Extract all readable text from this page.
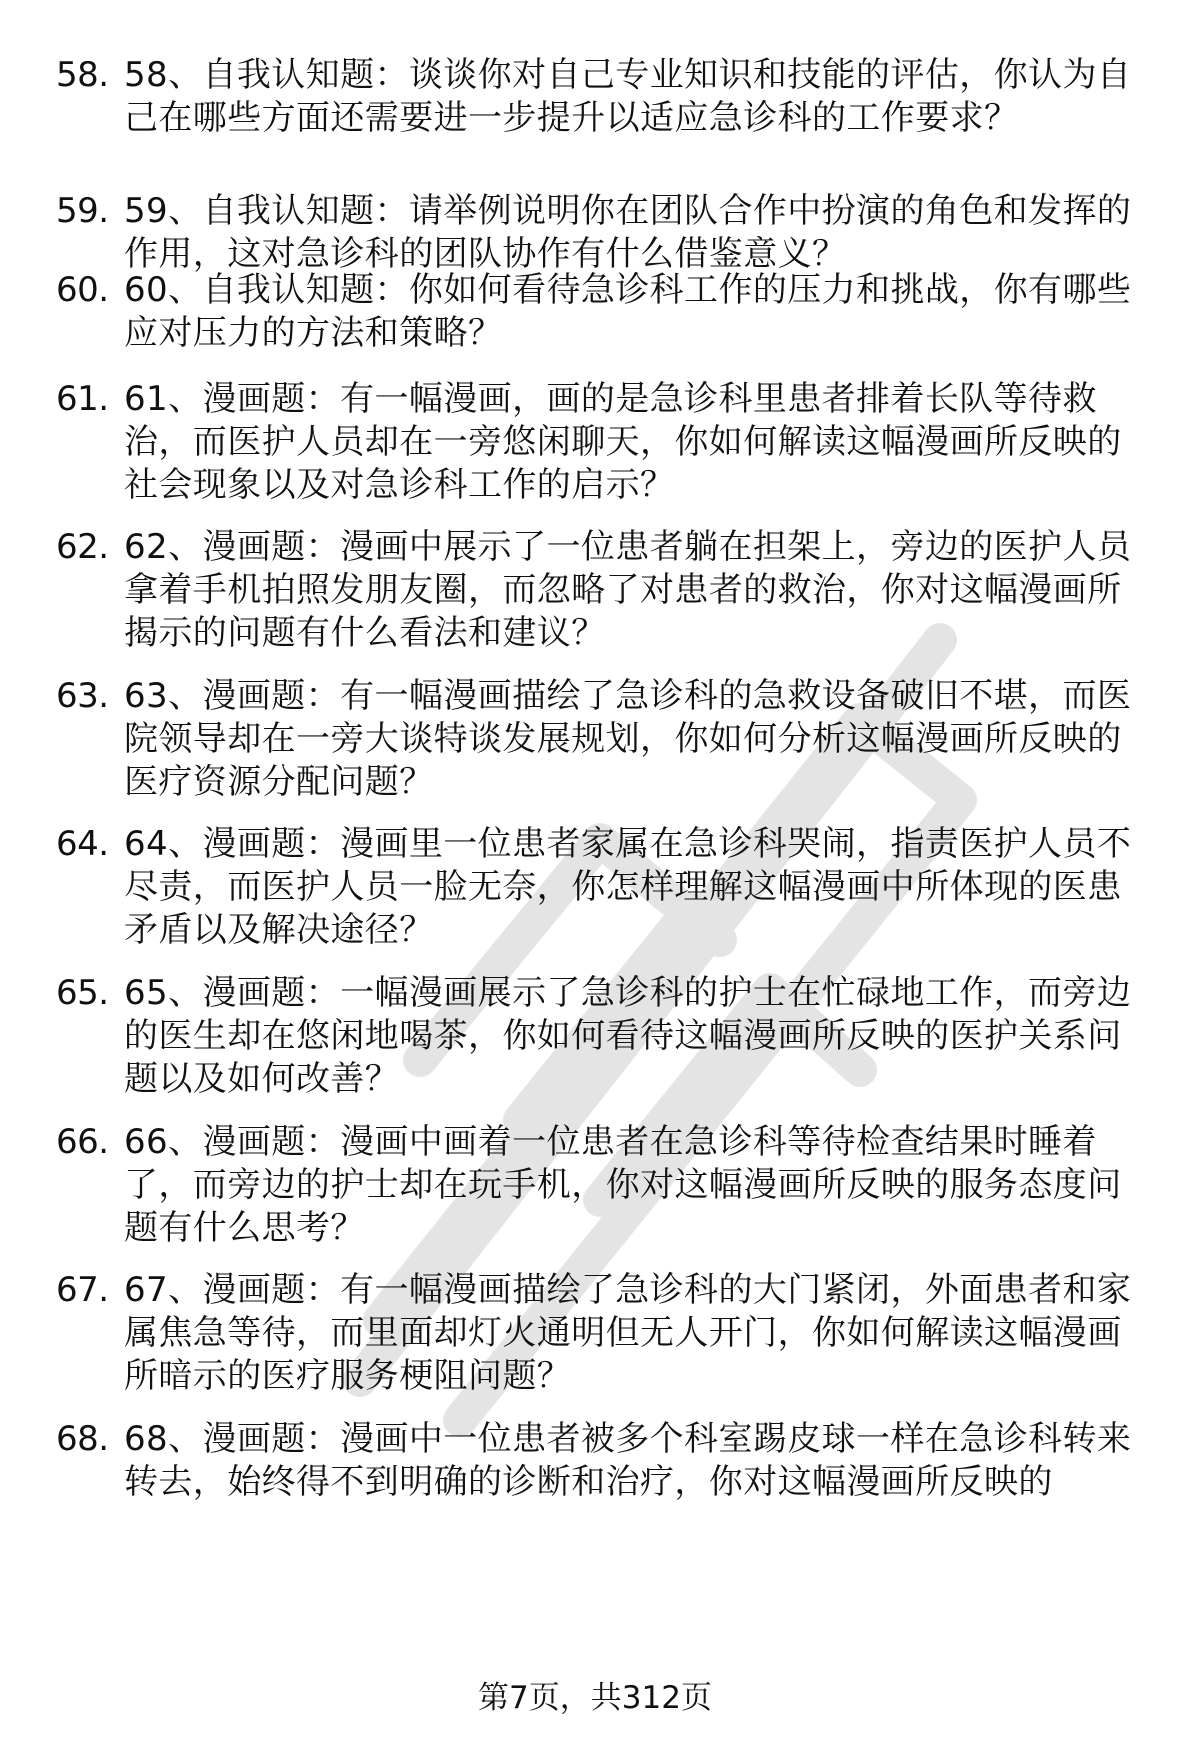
58. 58、自我认知题：谈谈你对自己专业知识和技能的评估，你认为自己在哪些方面还需要进一步提升以适应急诊科的工作要求？
59. 59、自我认知题：请举例说明你在团队合作中扮演的角色和发挥的作用，这对急诊科的团队协作有什么借鉴意义？
60. 60、自我认知题：你如何看待急诊科工作的压力和挑战，你有哪些应对压力的方法和策略？
61. 61、漫画题：有一幅漫画，画的是急诊科里患者排着长队等待救治，而医护人员却在一旁悠闲聊天，你如何解读这幅漫画所反映的社会现象以及对急诊科工作的启示？
62. 62、漫画题：漫画中展示了一位患者躺在担架上，旁边的医护人员拿着手机拍照发朋友圈，而忽略了对患者的救治，你对这幅漫画所揭示的问题有什么看法和建议？
63. 63、漫画题：有一幅漫画描绘了急诊科的急救设备破旧不堪，而医院领导却在一旁大谈特谈发展规划，你如何分析这幅漫画所反映的医疗资源分配问题？
64. 64、漫画题：漫画里一位患者家属在急诊科哭闹，指责医护人员不尽责，而医护人员一脸无奈，你怎样理解这幅漫画中所体现的医患矛盾以及解决途径？
65. 65、漫画题：一幅漫画展示了急诊科的护士在忙碌地工作，而旁边的医生却在悠闲地喝茶，你如何看待这幅漫画所反映的医护关系问题以及如何改善？
66. 66、漫画题：漫画中画着一位患者在急诊科等待检查结果时睡着了，而旁边的护士却在玩手机，你对这幅漫画所反映的服务态度问题有什么思考？
67. 67、漫画题：有一幅漫画描绘了急诊科的大门紧闭，外面患者和家属焦急等待，而里面却灯火通明但无人开门，你如何解读这幅漫画所暗示的医疗服务梗阻问题？
68. 68、漫画题：漫画中一位患者被多个科室踢皮球一样在急诊科转来转去，始终得不到明确的诊断和治疗，你对这幅漫画所反映的
第7页，共312页
